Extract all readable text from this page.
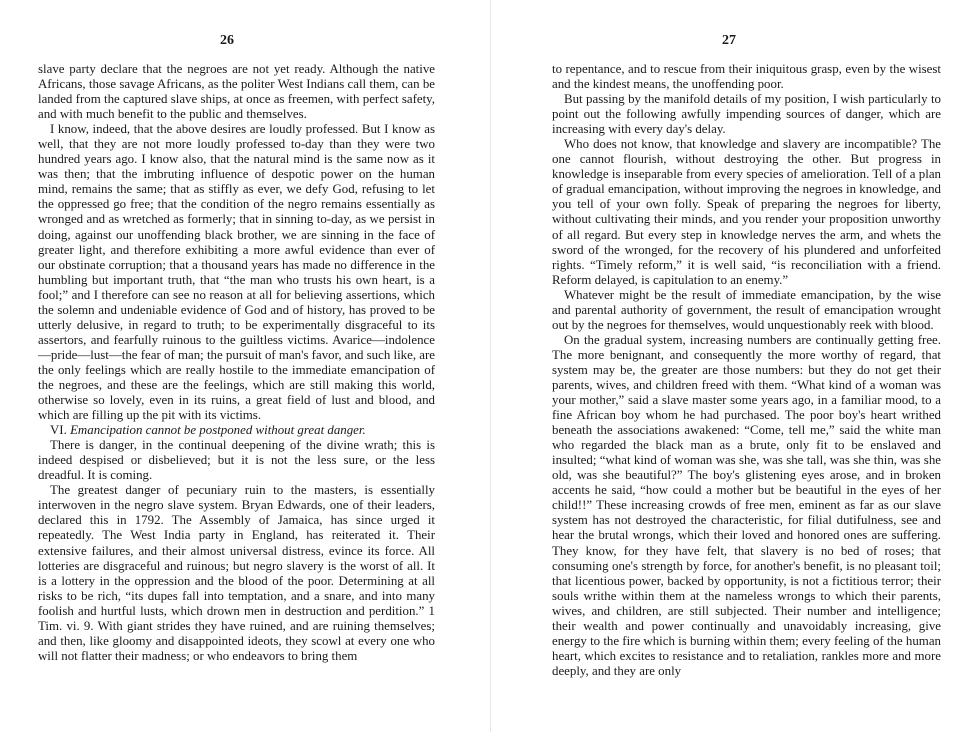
26

slave party declare that the negroes are not yet ready. Although the native Africans, those savage Africans, as the politer West Indians call them, can be landed from the captured slave ships, at once as freemen, with perfect safety, and with much benefit to the public and themselves.

I know, indeed, that the above desires are loudly professed. But I know as well, that they are not more loudly professed to-day than they were two hundred years ago. I know also, that the natural mind is the same now as it was then; that the imbruting influence of despotic power on the human mind, remains the same; that as stiffly as ever, we defy God, refusing to let the oppressed go free; that the condition of the negro remains essentially as wronged and as wretched as formerly; that in sinning to-day, as we persist in doing, against our unoffending black brother, we are sinning in the face of greater light, and therefore exhibiting a more awful evidence than ever of our obstinate corruption; that a thousand years has made no difference in the humbling but important truth, that “the man who trusts his own heart, is a fool;” and I therefore can see no reason at all for believing assertions, which the solemn and undeniable evidence of God and of history, has proved to be utterly delusive, in regard to truth; to be experimentally disgraceful to its assertors, and fearfully ruinous to the guiltless victims. Avarice—indolence—pride—lust—the fear of man; the pursuit of man's favor, and such like, are the only feelings which are really hostile to the immediate emancipation of the negroes, and these are the feelings, which are still making this world, otherwise so lovely, even in its ruins, a great field of lust and blood, and which are filling up the pit with its victims.

VI. Emancipation cannot be postponed without great danger.

There is danger, in the continual deepening of the divine wrath; this is indeed despised or disbelieved; but it is not the less sure, or the less dreadful. It is coming.

The greatest danger of pecuniary ruin to the masters, is essentially interwoven in the negro slave system. Bryan Edwards, one of their leaders, declared this in 1792. The Assembly of Jamaica, has since urged it repeatedly. The West India party in England, has reiterated it. Their extensive failures, and their almost universal distress, evince its force. All lotteries are disgraceful and ruinous; but negro slavery is the worst of all. It is a lottery in the oppression and the blood of the poor. Determining at all risks to be rich, “its dupes fall into temptation, and a snare, and into many foolish and hurtful lusts, which drown men in destruction and perdition.” 1 Tim. vi. 9. With giant strides they have ruined, and are ruining themselves; and then, like gloomy and disappointed ideots, they scowl at every one who will not flatter their madness; or who endeavors to bring them

27

to repentance, and to rescue from their iniquitous grasp, even by the wisest and the kindest means, the unoffending poor.

But passing by the manifold details of my position, I wish particularly to point out the following awfully impending sources of danger, which are increasing with every day's delay.

Who does not know, that knowledge and slavery are incompatible? The one cannot flourish, without destroying the other. But progress in knowledge is inseparable from every species of amelioration. Tell of a plan of gradual emancipation, without improving the negroes in knowledge, and you tell of your own folly. Speak of preparing the negroes for liberty, without cultivating their minds, and you render your proposition unworthy of all regard. But every step in knowledge nerves the arm, and whets the sword of the wronged, for the recovery of his plundered and unforfeited rights. “Timely reform,” it is well said, “is reconciliation with a friend. Reform delayed, is capitulation to an enemy.”

Whatever might be the result of immediate emancipation, by the wise and parental authority of government, the result of emancipation wrought out by the negroes for themselves, would unquestionably reek with blood.

On the gradual system, increasing numbers are continually getting free. The more benignant, and consequently the more worthy of regard, that system may be, the greater are those numbers: but they do not get their parents, wives, and children freed with them. “What kind of a woman was your mother,” said a slave master some years ago, in a familiar mood, to a fine African boy whom he had purchased. The poor boy's heart writhed beneath the associations awakened: “Come, tell me,” said the white man who regarded the black man as a brute, only fit to be enslaved and insulted; “what kind of woman was she, was she tall, was she thin, was she old, was she beautiful?” The boy's glistening eyes arose, and in broken accents he said, “how could a mother but be beautiful in the eyes of her child!!” These increasing crowds of free men, eminent as far as our slave system has not destroyed the characteristic, for filial dutifulness, see and hear the brutal wrongs, which their loved and honored ones are suffering. They know, for they have felt, that slavery is no bed of roses; that consuming one's strength by force, for another's benefit, is no pleasant toil; that licentious power, backed by opportunity, is not a fictitious terror; their souls writhe within them at the nameless wrongs to which their parents, wives, and children, are still subjected. Their number and intelligence; their wealth and power continually and unavoidably increasing, give energy to the fire which is burning within them; every feeling of the human heart, which excites to resistance and to retaliation, rankles more and more deeply, and they are only
